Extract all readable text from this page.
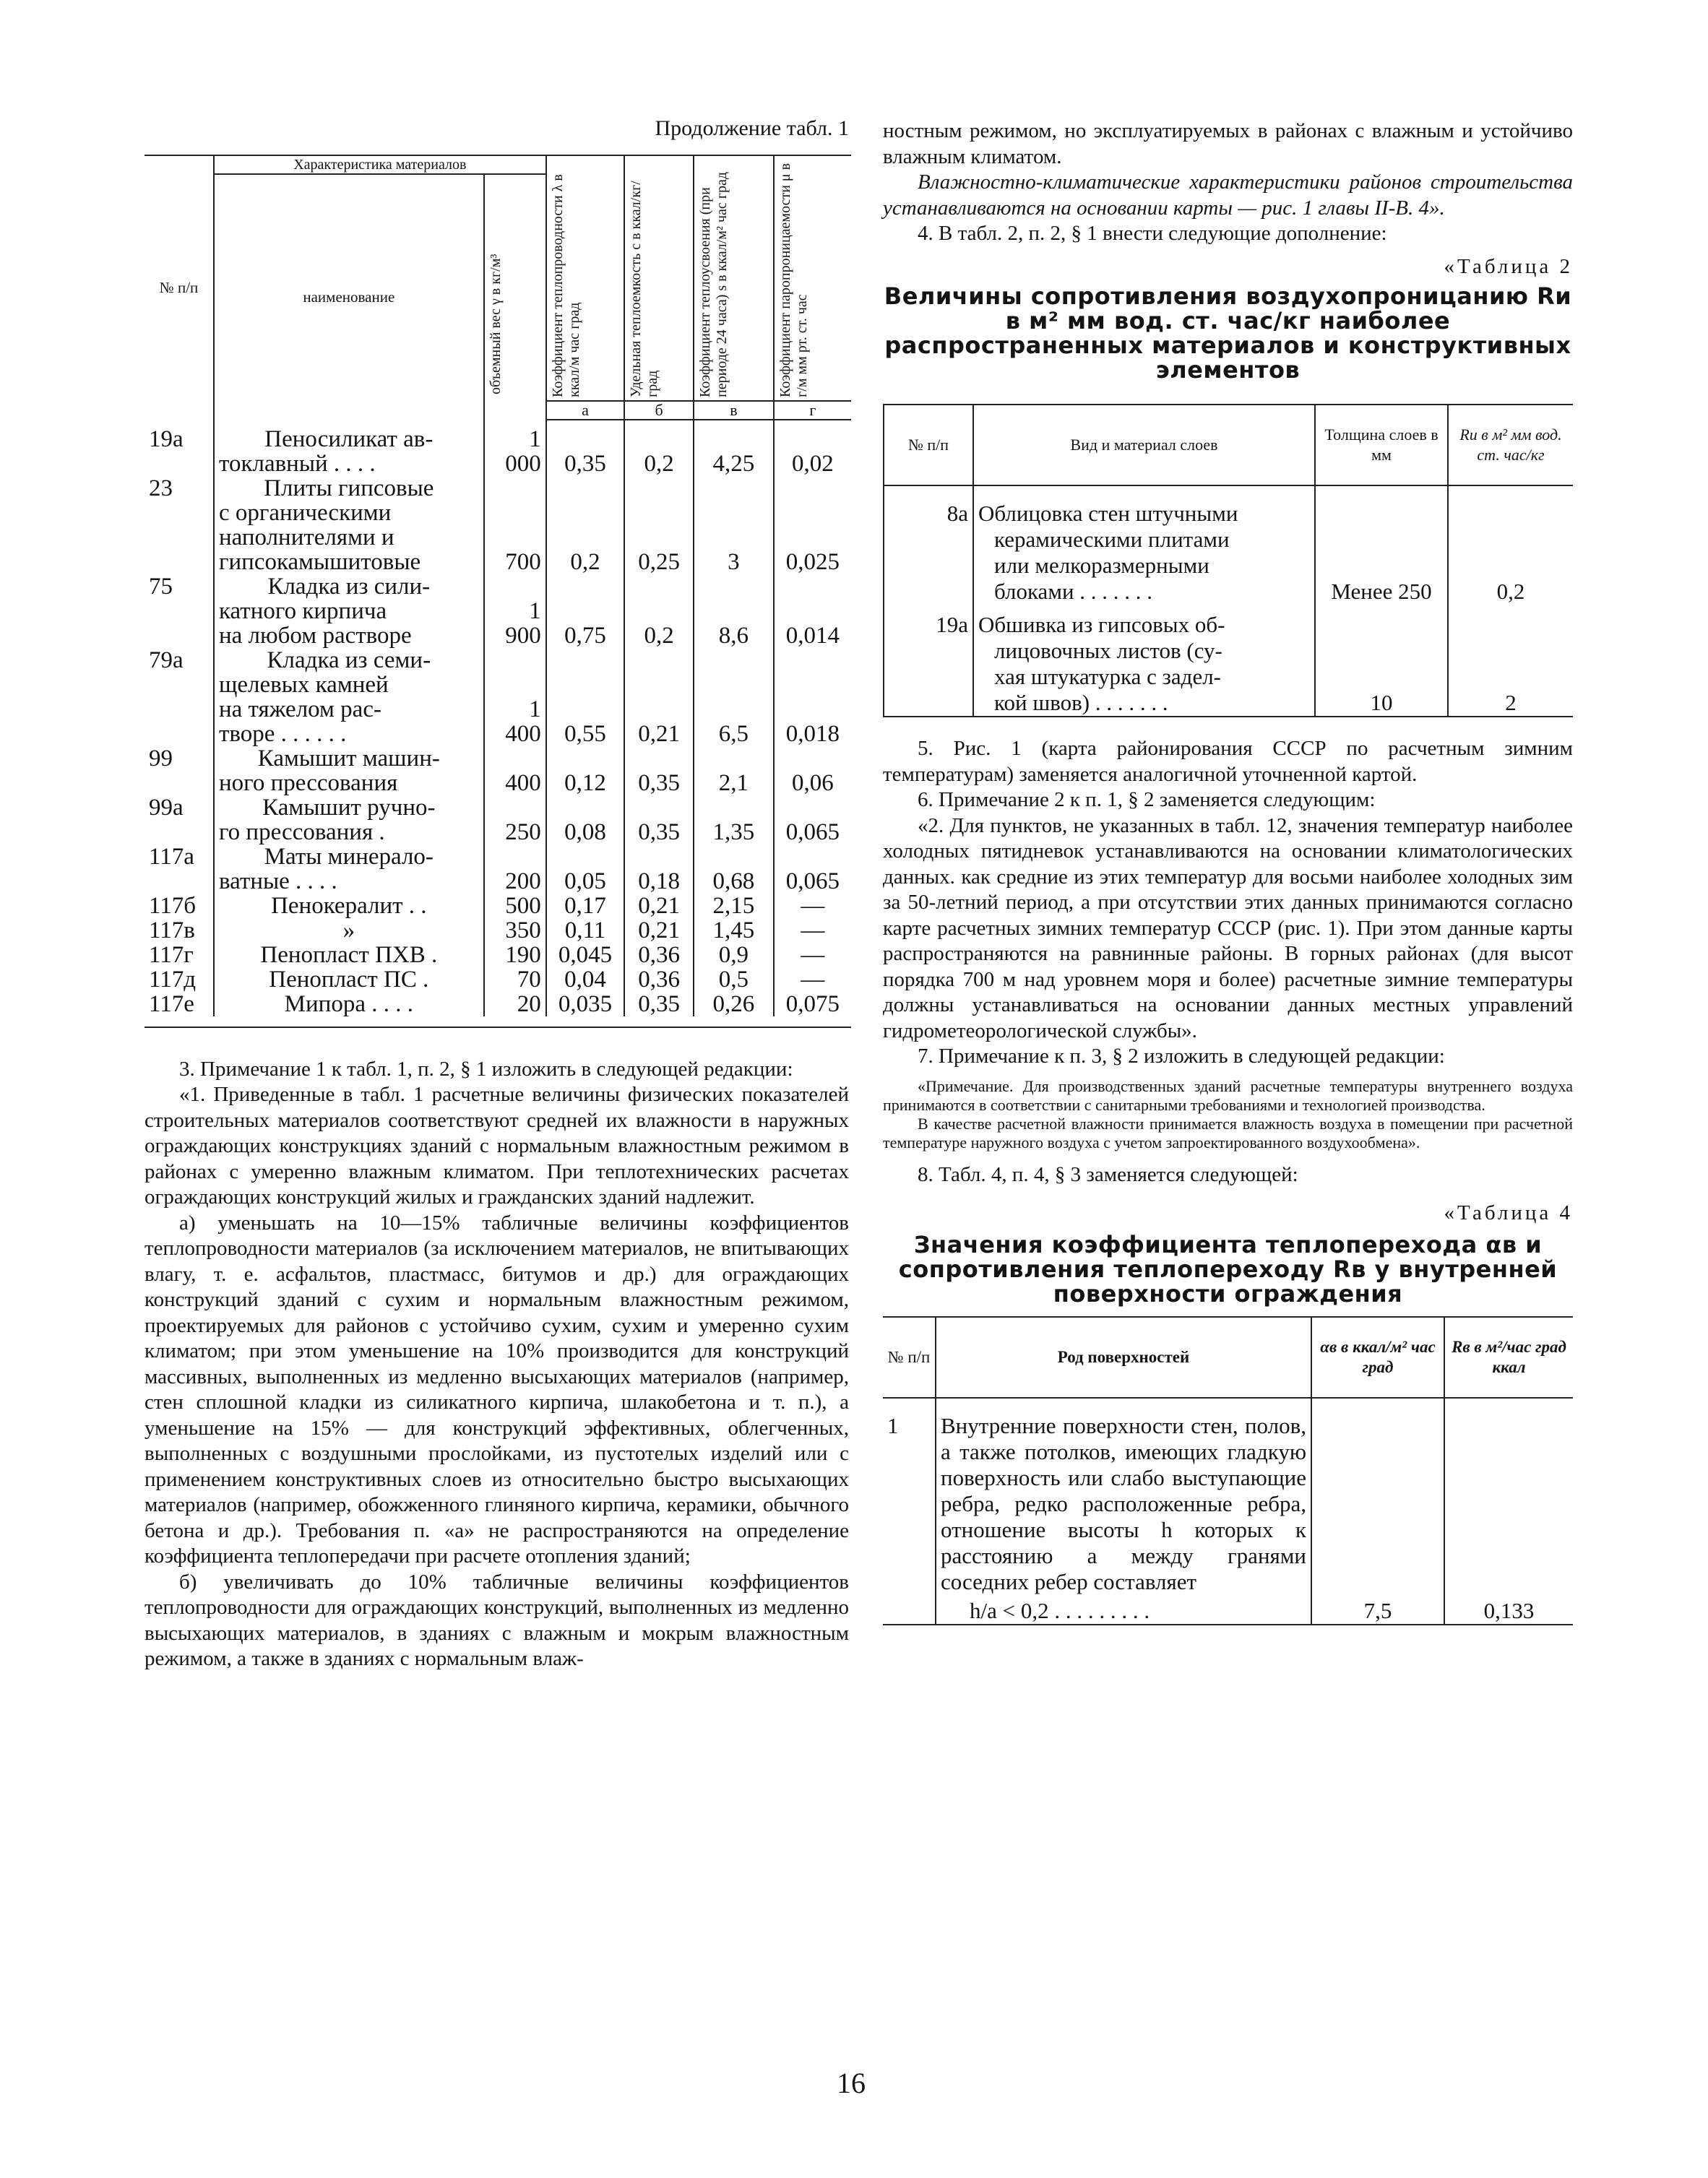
Продолжение табл. 1

№ п/п	Характеристика материалов		Коэффициент теплопроводности λ в ккал/м час град	Удельная теплоемкость c в ккал/кг/град	Коэффициент теплоусвоения (при периоде 24 часа) s в ккал/м² час град	Коэффициент паропроницаемости μ в г/м мм рт. ст. час

	наименование	объемный вес γ в кг/м³				

			а	б	в	г
19а	Пеносиликат ав-
токлавный . . . .	1 000	0,35	0,2	4,25	0,02
23	Плиты гипсовые
с органическими
наполнителями и
гипсокамышитовые	700	0,2	0,25	3	0,025
75	Кладка из сили-
катного кирпича
на любом растворе	1 900	0,75	0,2	8,6	0,014
79а	Кладка из семи-
щелевых камней
на тяжелом рас-
творе . . . . . .	1 400	0,55	0,21	6,5	0,018
99	Камышит машин-
ного прессования	400	0,12	0,35	2,1	0,06
99а	Камышит ручно-
го прессования .	250	0,08	0,35	1,35	0,065
117а	Маты минерало-
ватные . . . .	200	0,05	0,18	0,68	0,065
117б	Пенокералит . .	500	0,17	0,21	2,15	—
117в	»	350	0,11	0,21	1,45	—
117г	Пенопласт ПХВ .	190	0,045	0,36	0,9	—
117д	Пенопласт ПС .	70	0,04	0,36	0,5	—
117е	Мипора . . . .	20	0,035	0,35	0,26	0,075

3. Примечание 1 к табл. 1, п. 2, § 1 изложить в следующей редакции:

«1. Приведенные в табл. 1 расчетные величины физических показателей строительных материалов соответствуют средней их влажности в наружных ограждающих конструкциях зданий с нормальным влажностным режимом в районах с умеренно влажным климатом. При теплотехнических расчетах ограждающих конструкций жилых и гражданских зданий надлежит.

а) уменьшать на 10—15% табличные величины коэффициентов теплопроводности материалов (за исключением материалов, не впитывающих влагу, т. е. асфальтов, пластмасс, битумов и др.) для ограждающих конструкций зданий с сухим и нормальным влажностным режимом, проектируемых для районов с устойчиво сухим, сухим и умеренно сухим климатом; при этом уменьшение на 10% производится для конструкций массивных, выполненных из медленно высыхающих материалов (например, стен сплошной кладки из силикатного кирпича, шлакобетона и т. п.), а уменьшение на 15% — для конструкций эффективных, облегченных, выполненных с воздушными прослойками, из пустотелых изделий или с применением конструктивных слоев из относительно быстро высыхающих материалов (например, обожженного глиняного кирпича, керамики, обычного бетона и др.). Требования п. «а» не распространяются на определение коэффициента теплопередачи при расчете отопления зданий;

б) увеличивать до 10% табличные величины коэффициентов теплопроводности для ограждающих конструкций, выполненных из медленно высыхающих материалов, в зданиях с влажным и мокрым влажностным режимом, а также в зданиях с нормальным влаж-

ностным режимом, но эксплуатируемых в районах с влажным и устойчиво влажным климатом.

Влажностно-климатические характеристики районов строительства устанавливаются на основании карты — рис. 1 главы II-В. 4».

4. В табл. 2, п. 2, § 1 внести следующие дополнение:

«Таблица 2

Величины сопротивления воздухопроницанию Rи в м² мм вод. ст. час/кг наиболее распространенных материалов и конструктивных элементов

№ п/п	Вид и материал слоев	Толщина слоев в мм	Rи в м² мм вод. ст. час/кг
8а	Облицовка стен штучными
керамическими плитами
или мелкоразмерными
блоками . . . . . . .	Менее 250	0,2
19а	Обшивка из гипсовых об-
лицовочных листов (су-
хая штукатурка с задел-
кой швов) . . . . . . .	10	2

5. Рис. 1 (карта районирования СССР по расчетным зимним температурам) заменяется аналогичной уточненной картой.

6. Примечание 2 к п. 1, § 2 заменяется следующим:

«2. Для пунктов, не указанных в табл. 12, значения температур наиболее холодных пятидневок устанавливаются на основании климатологических данных. как средние из этих температур для восьми наиболее холодных зим за 50-летний период, а при отсутствии этих данных принимаются согласно карте расчетных зимних температур СССР (рис. 1). При этом данные карты распространяются на равнинные районы. В горных районах (для высот порядка 700 м над уровнем моря и более) расчетные зимние температуры должны устанавливаться на основании данных местных управлений гидрометеорологической службы».

7. Примечание к п. 3, § 2 изложить в следующей редакции:

«Примечание. Для производственных зданий расчетные температуры внутреннего воздуха принимаются в соответствии с санитарными требованиями и технологией производства.

В качестве расчетной влажности принимается влажность воздуха в помещении при расчетной температуре наружного воздуха с учетом запроектированного воздухообмена».

8. Табл. 4, п. 4, § 3 заменяется следующей:

«Таблица 4

Значения коэффициента теплоперехода αв и сопротивления теплопереходу Rв у внутренней поверхности ограждения

№ п/п	Род поверхностей	αв в ккал/м² час град	Rв в м²/час град ккал
1	Внутренние поверхности стен, полов, а также потолков, имеющих гладкую поверхность или слабо выступающие ребра, редко расположенные ребра, отношение высоты h которых к расстоянию a между гранями соседних ребер составляет
h/a < 0,2 . . . . . . . . .	7,5	0,133
16
